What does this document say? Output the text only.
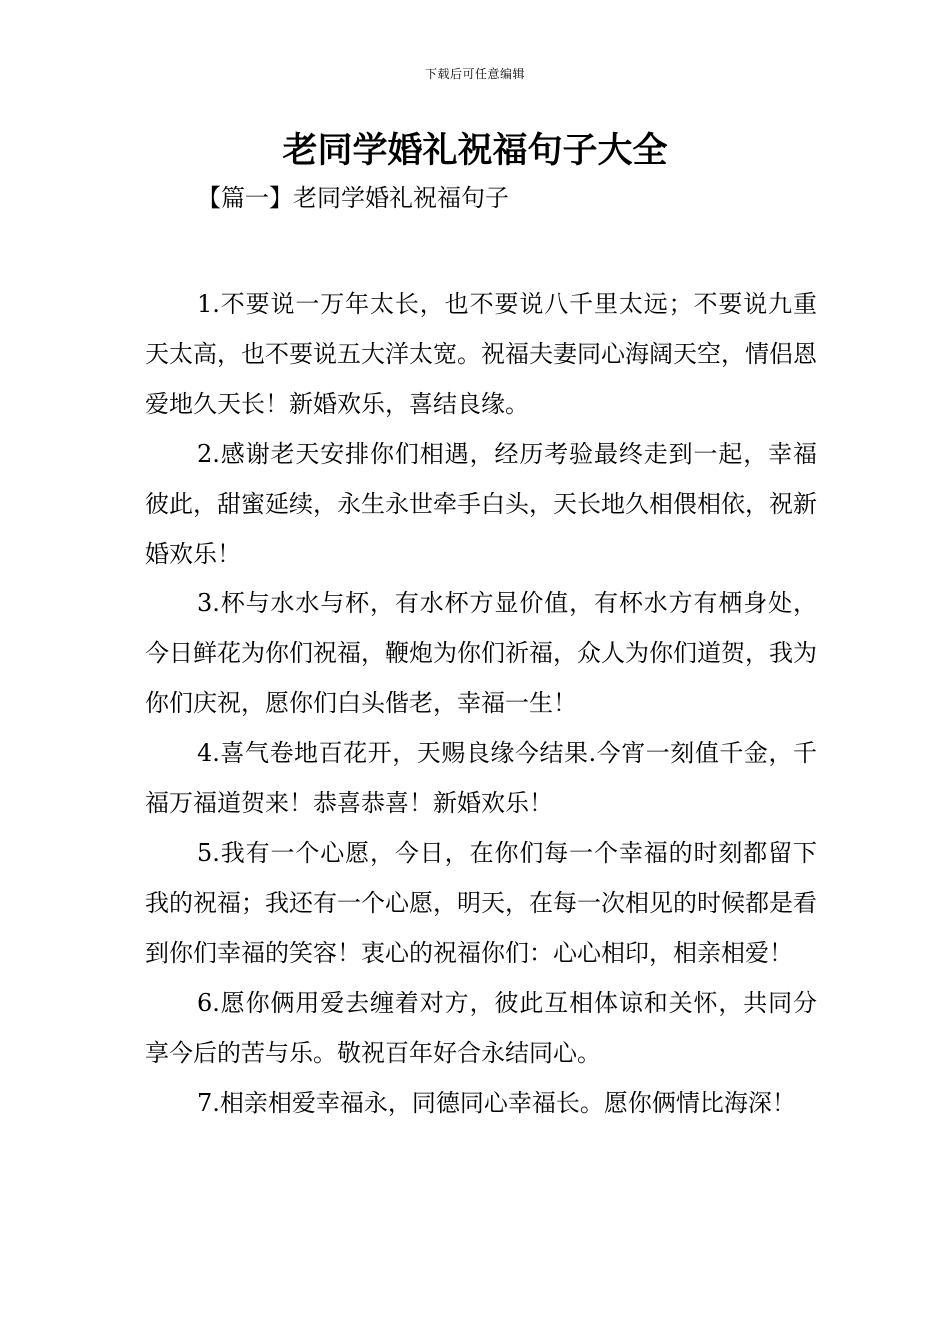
下载后可任意编辑
老同学婚礼祝福句子大全
【篇一】老同学婚礼祝福句子

1.不要说一万年太长，也不要说八千里太远；不要说九重天太高，也不要说五大洋太宽。祝福夫妻同心海阔天空，情侣恩爱地久天长！新婚欢乐，喜结良缘。

2.感谢老天安排你们相遇，经历考验最终走到一起，幸福彼此，甜蜜延续，永生永世牵手白头，天长地久相偎相依，祝新婚欢乐！

3.杯与水水与杯，有水杯方显价值，有杯水方有栖身处，今日鲜花为你们祝福，鞭炮为你们祈福，众人为你们道贺，我为你们庆祝，愿你们白头偕老，幸福一生！

4.喜气卷地百花开，天赐良缘今结果.今宵一刻值千金，千福万福道贺来！恭喜恭喜！新婚欢乐！

5.我有一个心愿，今日，在你们每一个幸福的时刻都留下我的祝福；我还有一个心愿，明天，在每一次相见的时候都是看到你们幸福的笑容！衷心的祝福你们：心心相印，相亲相爱！

6.愿你俩用爱去缠着对方，彼此互相体谅和关怀，共同分享今后的苦与乐。敬祝百年好合永结同心。

7.相亲相爱幸福永，同德同心幸福长。愿你俩情比海深！
